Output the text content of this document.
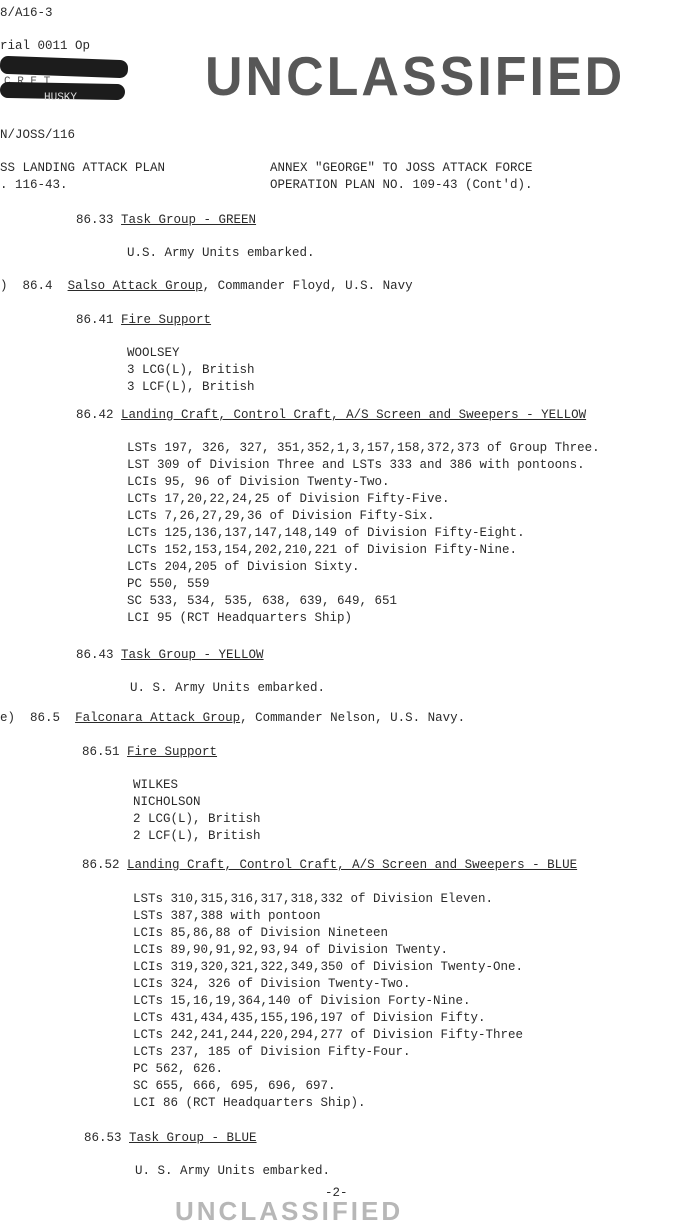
8/A16-3
rial 0011 Op
HUSKY
N/JOSS/116
SS LANDING ATTACK PLAN
. 116-43.
UNCLASSIFIED
ANNEX "GEORGE" TO JOSS ATTACK FORCE
OPERATION PLAN NO. 109-43 (Cont'd).
86.33 Task Group - GREEN
U.S. Army Units embarked.
) 86.4 Salso Attack Group, Commander Floyd, U.S. Navy
86.41 Fire Support
WOOLSEY
3 LCG(L), British
3 LCF(L), British
86.42 Landing Craft, Control Craft, A/S Screen and Sweepers - YELLOW
LSTs 197, 326, 327, 351,352,1,3,157,158,372,373 of Group Three.
LST 309 of Division Three and LSTs 333 and 386 with pontoons.
LCIs 95, 96 of Division Twenty-Two.
LCTs 17,20,22,24,25 of Division Fifty-Five.
LCTs 7,26,27,29,36 of Division Fifty-Six.
LCTs 125,136,137,147,148,149 of Division Fifty-Eight.
LCTs 152,153,154,202,210,221 of Division Fifty-Nine.
LCTs 204,205 of Division Sixty.
PC 550, 559
SC 533, 534, 535, 638, 639, 649, 651
LCI 95 (RCT Headquarters Ship)
86.43 Task Group - YELLOW
U. S. Army Units embarked.
e) 86.5 Falconara Attack Group, Commander Nelson, U.S. Navy.
86.51 Fire Support
WILKES
NICHOLSON
2 LCG(L), British
2 LCF(L), British
86.52 Landing Craft, Control Craft, A/S Screen and Sweepers - BLUE
LSTs 310,315,316,317,318,332 of Division Eleven.
LSTs 387,388 with pontoon
LCIs 85,86,88 of Division Nineteen
LCIs 89,90,91,92,93,94 of Division Twenty.
LCIs 319,320,321,322,349,350 of Division Twenty-One.
LCIs 324, 326 of Division Twenty-Two.
LCTs 15,16,19,364,140 of Division Forty-Nine.
LCTs 431,434,435,155,196,197 of Division Fifty.
LCTs 242,241,244,220,294,277 of Division Fifty-Three
LCTs 237, 185 of Division Fifty-Four.
PC 562, 626.
SC 655, 666, 695, 696, 697.
LCI 86 (RCT Headquarters Ship).
86.53 Task Group - BLUE
U. S. Army Units embarked.
-2-
UNCLASSIFIED
